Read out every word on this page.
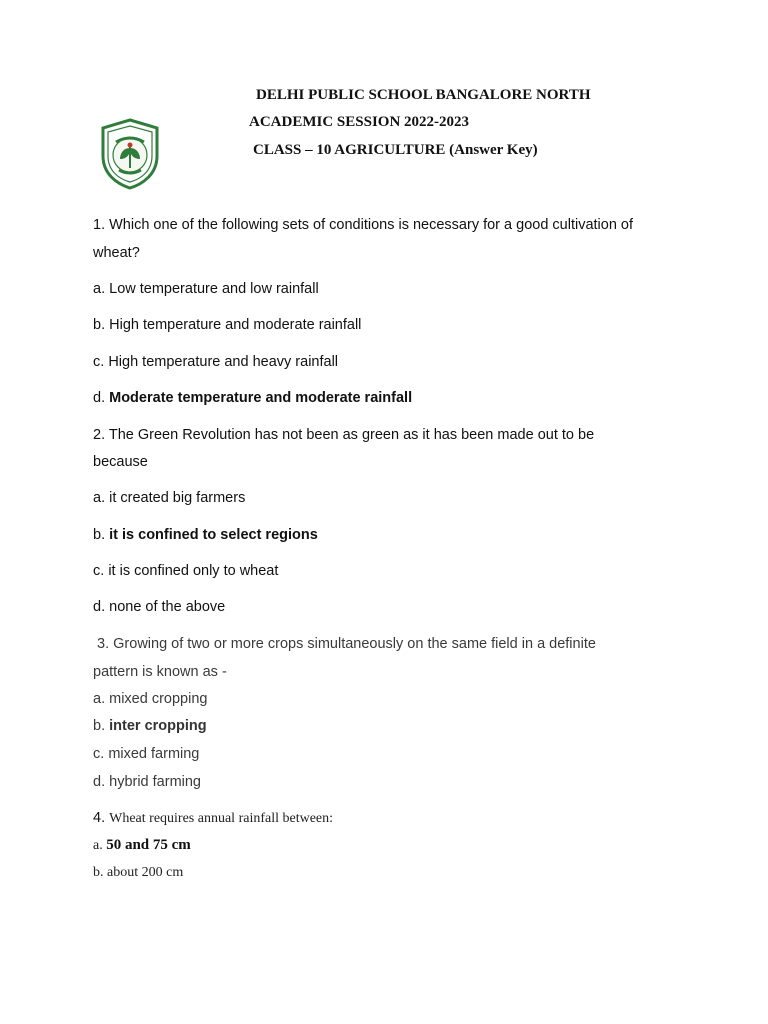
DELHI PUBLIC SCHOOL BANGALORE NORTH
ACADEMIC SESSION 2022-2023
CLASS – 10 AGRICULTURE (Answer Key)
1. Which one of the following sets of conditions is necessary for a good cultivation of
wheat?
a. Low temperature and low rainfall
b. High temperature and moderate rainfall
c. High temperature and heavy rainfall
d. Moderate temperature and moderate rainfall
2. The Green Revolution has not been as green as it has been made out to be
because
a. it created big farmers
b. it is confined to select regions
c. it is confined only to wheat
d. none of the above
3. Growing of two or more crops simultaneously on the same field in a definite
pattern is known as -
a. mixed cropping
b. inter cropping
c. mixed farming
d. hybrid farming
4. Wheat requires annual rainfall between:
a. 50 and 75 cm
b. about 200 cm
